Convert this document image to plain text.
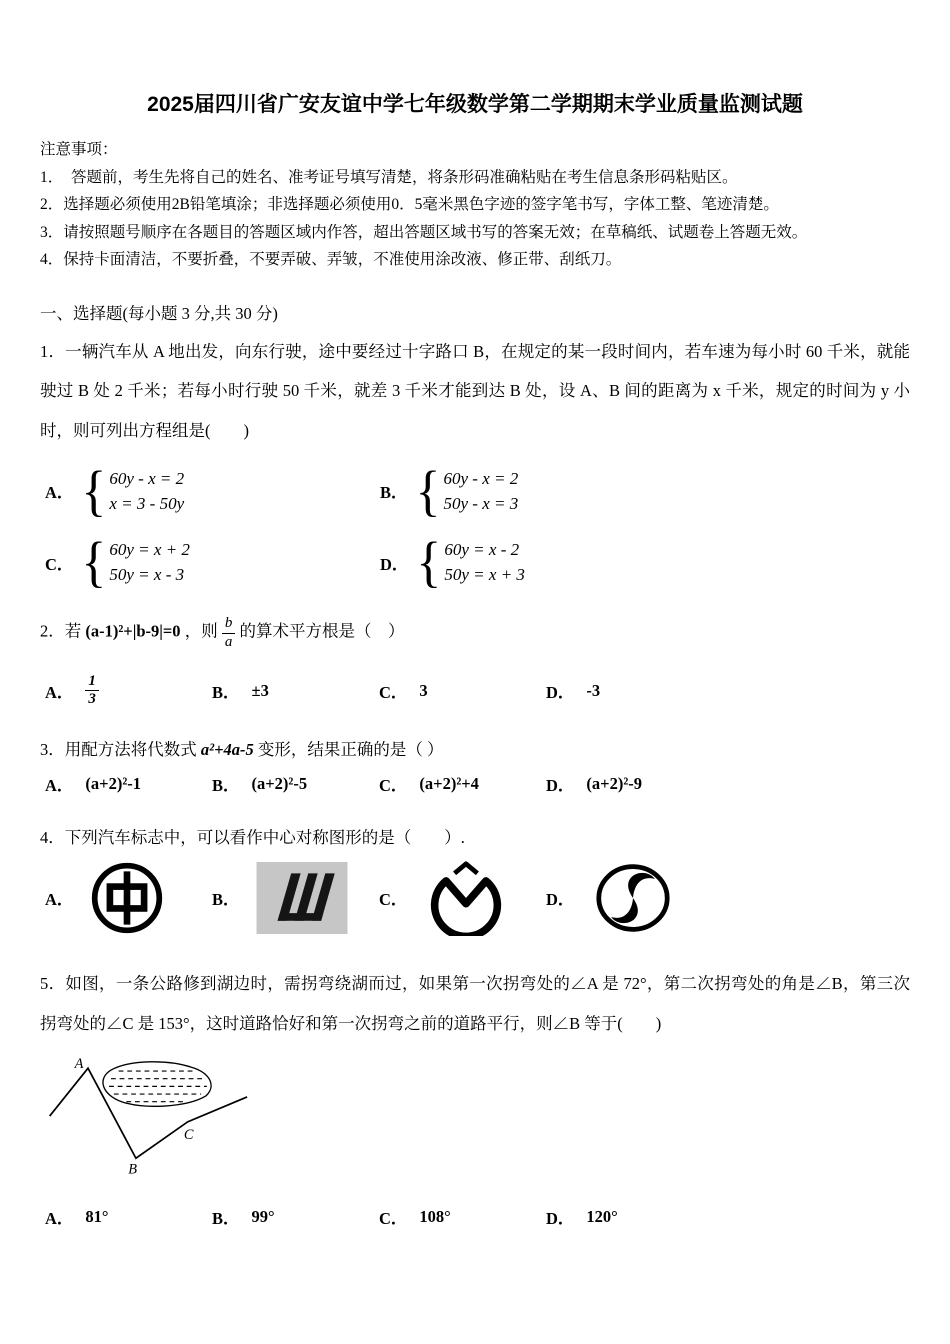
2025届四川省广安友谊中学七年级数学第二学期期末学业质量监测试题
注意事项：
1．　答题前，考生先将自己的姓名、准考证号填写清楚，将条形码准确粘贴在考生信息条形码粘贴区。
2．选择题必须使用2B铅笔填涂；非选择题必须使用0．5毫米黑色字迹的签字笔书写，字体工整、笔迹清楚。
3．请按照题号顺序在各题目的答题区域内作答，超出答题区域书写的答案无效；在草稿纸、试题卷上答题无效。
4．保持卡面清洁，不要折叠，不要弄破、弄皱，不准使用涂改液、修正带、刮纸刀。
一、选择题(每小题 3 分,共 30 分)
1．一辆汽车从 A 地出发，向东行驶，途中要经过十字路口 B，在规定的某一段时间内，若车速为每小时 60 千米，就能驶过 B 处 2 千米；若每小时行驶 50 千米，就差 3 千米才能到达 B 处，设 A、B 间的距离为 x 千米，规定的时间为 y 小时，则可列出方程组是(　　)
A． { 60y - x = 2
x = 3 - 50y
B． { 60y - x = 2
50y - x = 3
C． { 60y = x + 2
50y = x - 3
D． { 60y = x - 2
50y = x + 3
2．若 (a-1)²+|b-9|=0 ，则 $\frac{b}{a}$ 的算术平方根是（　）
A． $\frac{1}{3}$	B． ±3	C． 3	D． -3
3．用配方法将代数式 a²+4a-5 变形，结果正确的是（ ）
A． (a+2)²-1	B． (a+2)²-5	C． (a+2)²+4	D． (a+2)²-9
4．下列汽车标志中，可以看作中心对称图形的是（　　）.
A．	B．	C．	D．
5．如图，一条公路修到湖边时，需拐弯绕湖而过，如果第一次拐弯处的∠A 是 72°，第二次拐弯处的角是∠B，第三次拐弯处的∠C 是 153°，这时道路恰好和第一次拐弯之前的道路平行，则∠B 等于(　　)
A
B
C
A． 81°	B． 99°	C． 108°	D． 120°
